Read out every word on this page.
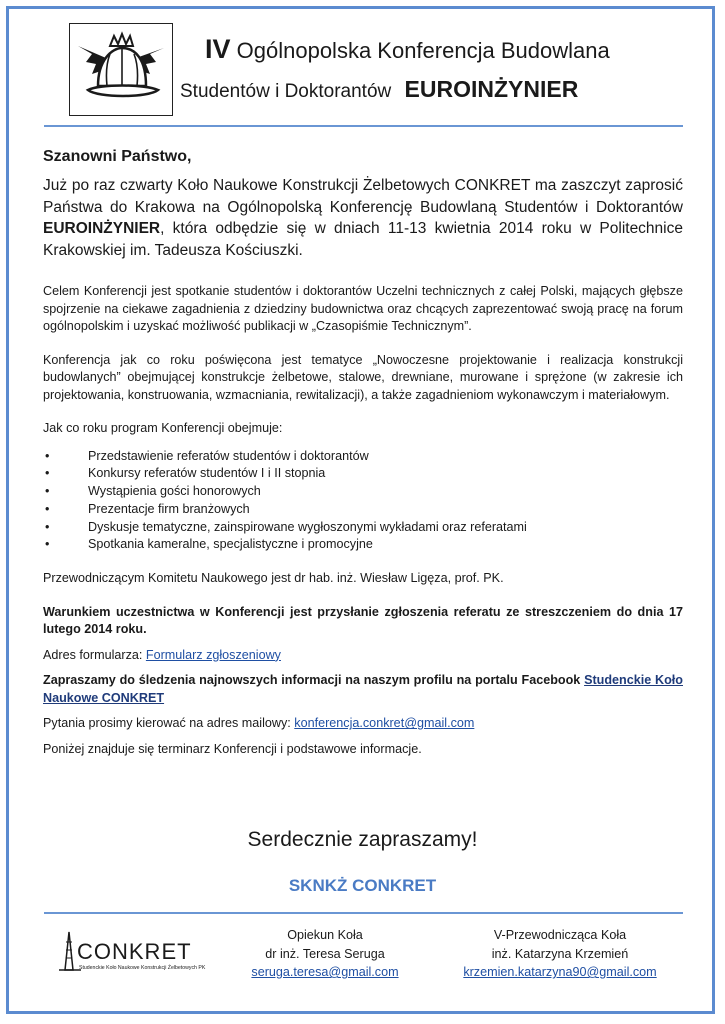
IV Ogólnopolska Konferencja Budowlana
Studentów i Doktorantów EUROINŻYNIER

Szanowni Państwo,

Już po raz czwarty Koło Naukowe Konstrukcji Żelbetowych CONKRET ma zaszczyt zaprosić Państwa do Krakowa na Ogólnopolską Konferencję Budowlaną Studentów i Doktorantów EUROINŻYNIER, która odbędzie się w dniach 11-13 kwietnia 2014 roku w Politechnice Krakowskiej im. Tadeusza Kościuszki.

Celem Konferencji jest spotkanie studentów i doktorantów Uczelni technicznych z całej Polski, mających głębsze spojrzenie na ciekawe zagadnienia z dziedziny budownictwa oraz chcących zaprezentować swoją pracę na forum ogólnopolskim i uzyskać możliwość publikacji w „Czasopiśmie Technicznym”.

Konferencja jak co roku poświęcona jest tematyce „Nowoczesne projektowanie i realizacja konstrukcji budowlanych” obejmującej konstrukcje żelbetowe, stalowe, drewniane, murowane i sprężone (w zakresie ich projektowania, konstruowania, wzmacniania, rewitalizacji), a także zagadnieniom wykonawczym i materiałowym.

Jak co roku program Konferencji obejmuje:

•	Przedstawienie referatów studentów i doktorantów
•	Konkursy referatów studentów I i II stopnia
•	Wystąpienia gości honorowych
•	Prezentacje firm branżowych
•	Dyskusje tematyczne, zainspirowane wygłoszonymi wykładami oraz referatami
•	Spotkania kameralne, specjalistyczne i promocyjne

Przewodniczącym Komitetu Naukowego jest dr hab. inż. Wiesław Ligęza, prof. PK.

Warunkiem uczestnictwa w Konferencji jest przysłanie zgłoszenia referatu ze streszczeniem do dnia 17 lutego 2014 roku.

Adres formularza: Formularz zgłoszeniowy

Zapraszamy do śledzenia najnowszych informacji na naszym profilu na portalu Facebook Studenckie Koło Naukowe CONKRET

Pytania prosimy kierować na adres mailowy: konferencja.conkret@gmail.com

Poniżej znajduje się terminarz Konferencji i podstawowe informacje.

Serdecznie zapraszamy!
SKNKŻ CONKRET
CONKRET
Studenckie Koło Naukowe Konstrukcji Żelbetowych PK
Opiekun Koła
dr inż. Teresa Seruga
seruga.teresa@gmail.com
V-Przewodnicząca Koła
inż. Katarzyna Krzemień
krzemien.katarzyna90@gmail.com
